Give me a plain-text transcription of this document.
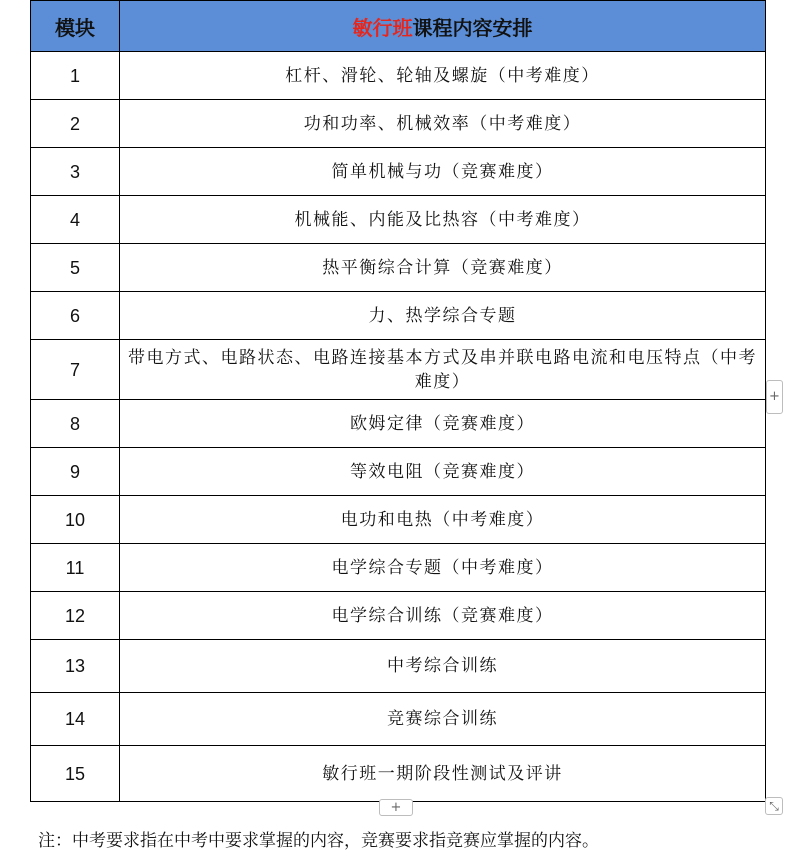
模块	敏行班课程内容安排
1	杠杆、滑轮、轮轴及螺旋（中考难度）
2	功和功率、机械效率（中考难度）
3	简单机械与功（竞赛难度）
4	机械能、内能及比热容（中考难度）
5	热平衡综合计算（竞赛难度）
6	力、热学综合专题
7	带电方式、电路状态、电路连接基本方式及串并联电路电流和电压特点（中考难度）
8	欧姆定律（竞赛难度）
9	等效电阻（竞赛难度）
10	电功和电热（中考难度）
11	电学综合专题（中考难度）
12	电学综合训练（竞赛难度）
13	中考综合训练
14	竞赛综合训练
15	敏行班一期阶段性测试及评讲
+
+	⤡
注：中考要求指在中考中要求掌握的内容，竞赛要求指竞赛应掌握的内容。
